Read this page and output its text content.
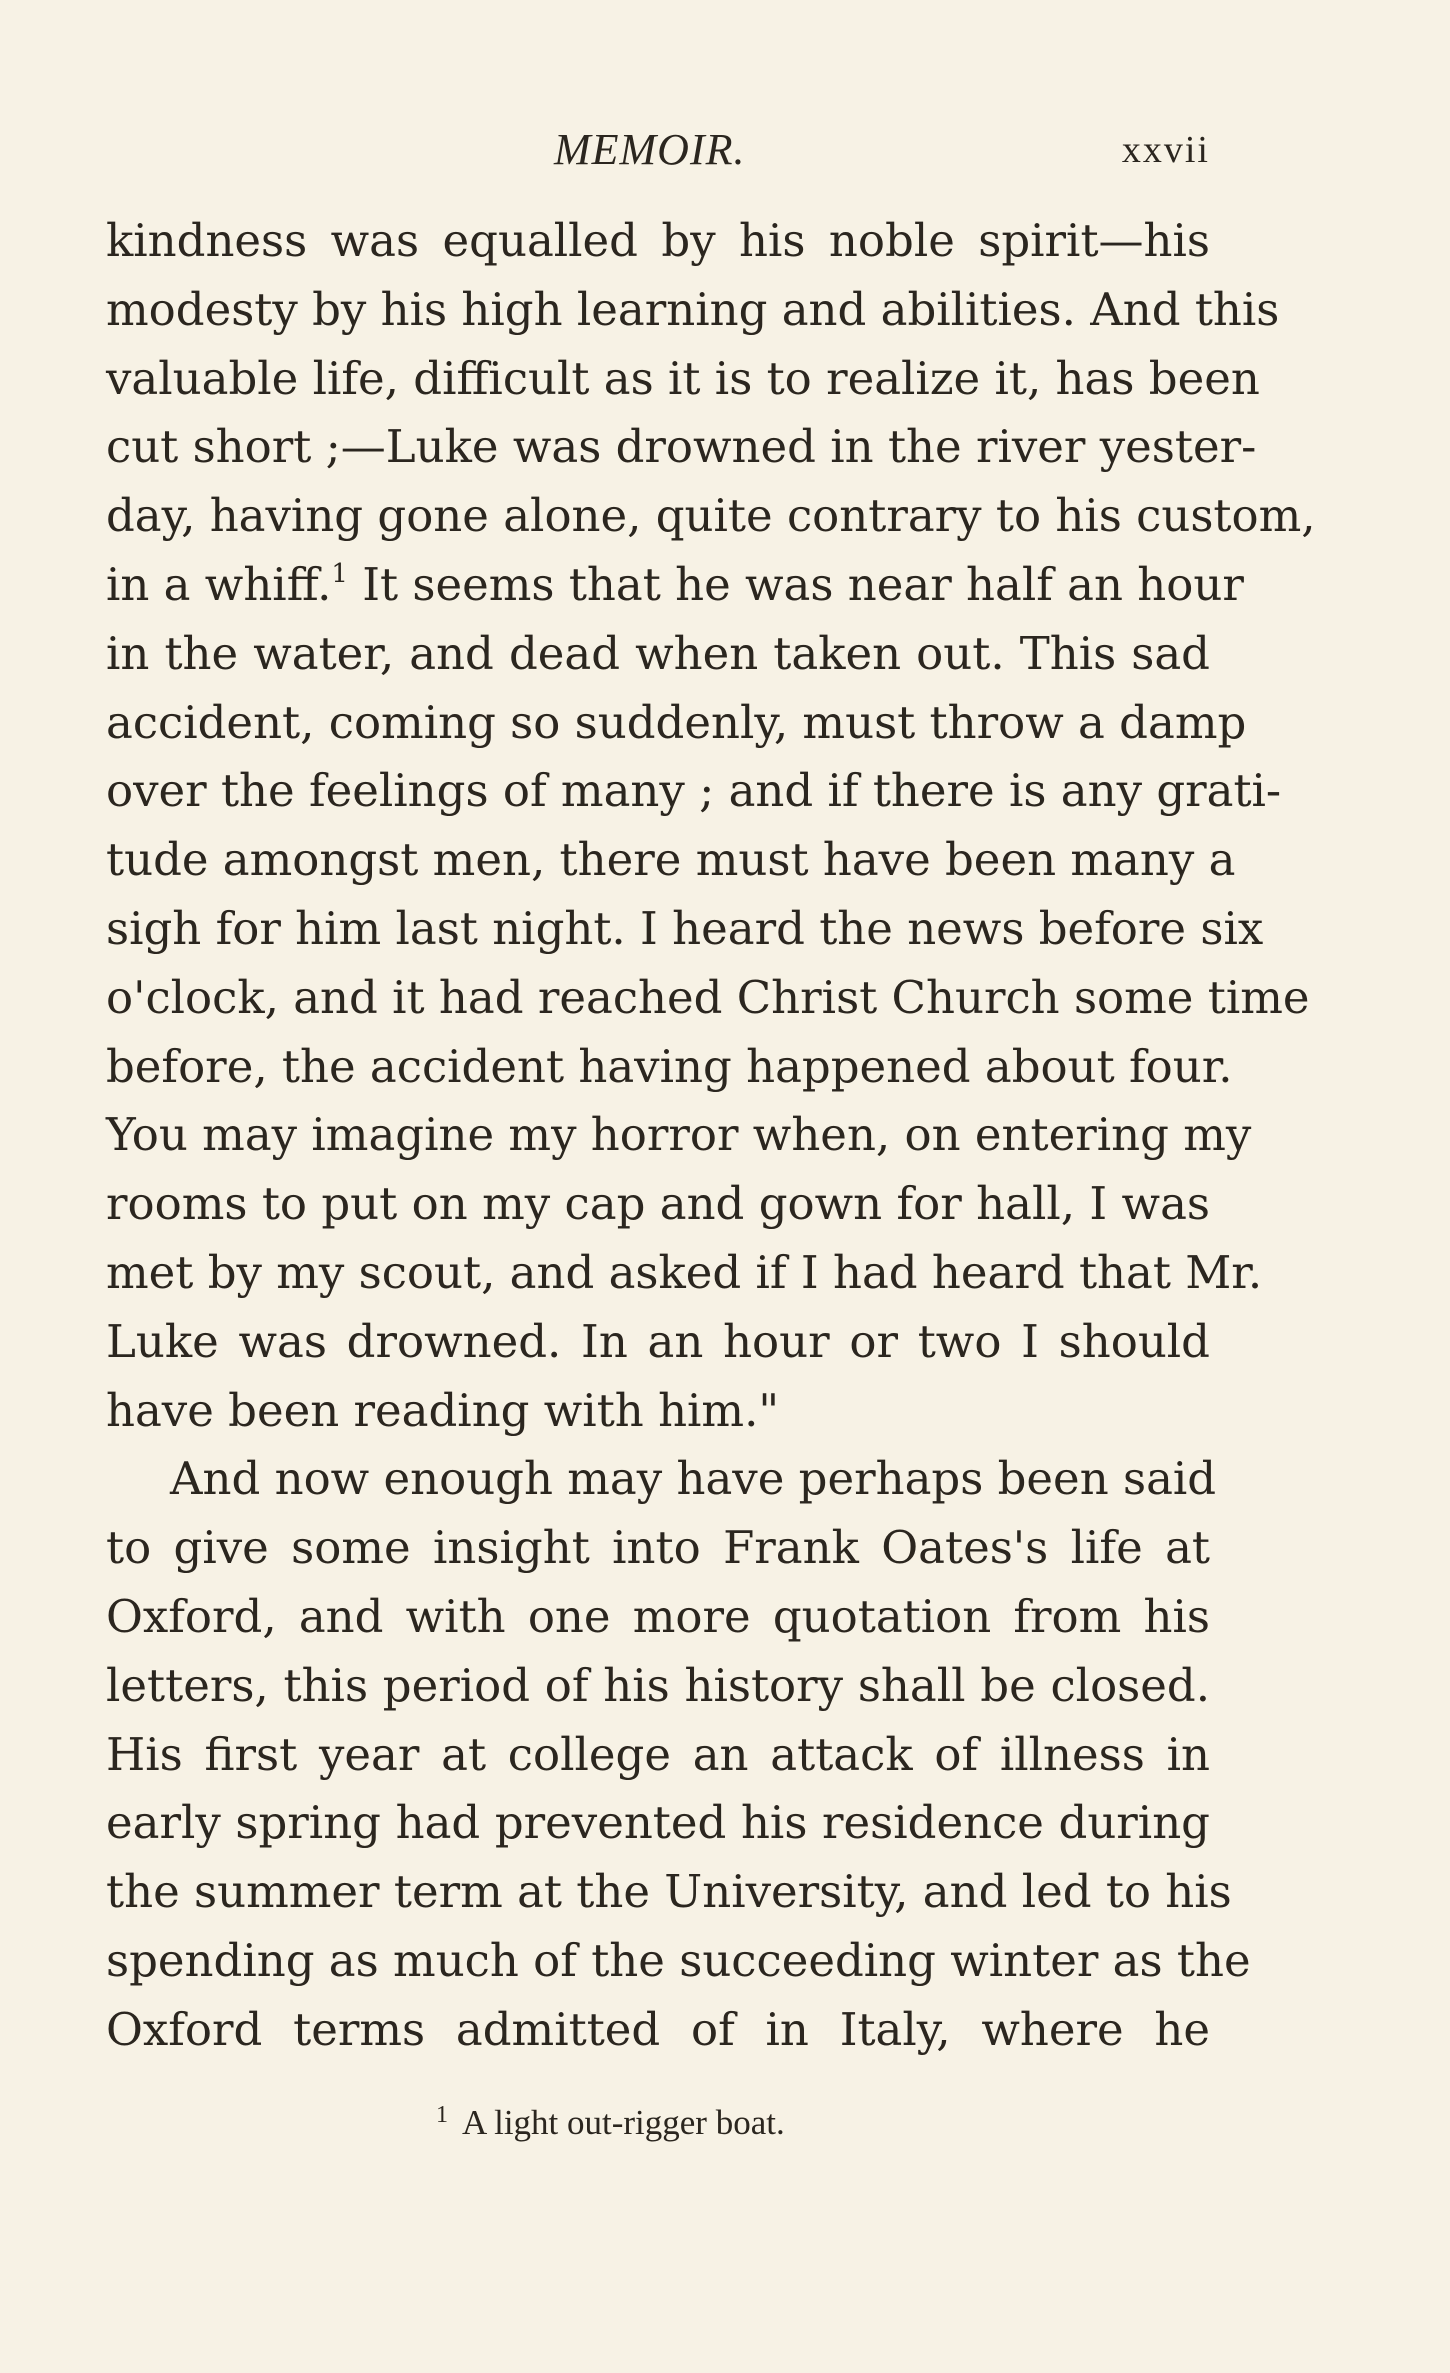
MEMOIR.	xxvii
kindness was equalled by his noble spirit—his
modesty by his high learning and abilities. And this
valuable life, difficult as it is to realize it, has been
cut short ;—Luke was drowned in the river yester-
day, having gone alone, quite contrary to his custom,
in a whiff.$^1$ It seems that he was near half an hour
in the water, and dead when taken out. This sad
accident, coming so suddenly, must throw a damp
over the feelings of many ; and if there is any grati-
tude amongst men, there must have been many a
sigh for him last night. I heard the news before six
o'clock, and it had reached Christ Church some time
before, the accident having happened about four.
You may imagine my horror when, on entering my
rooms to put on my cap and gown for hall, I was
met by my scout, and asked if I had heard that Mr.
Luke was drowned. In an hour or two I should
have been reading with him."
And now enough may have perhaps been said
to give some insight into Frank Oates's life at
Oxford, and with one more quotation from his
letters, this period of his history shall be closed.
His first year at college an attack of illness in
early spring had prevented his residence during
the summer term at the University, and led to his
spending as much of the succeeding winter as the
Oxford terms admitted of in Italy, where he
$^1$ A light out-rigger boat.
